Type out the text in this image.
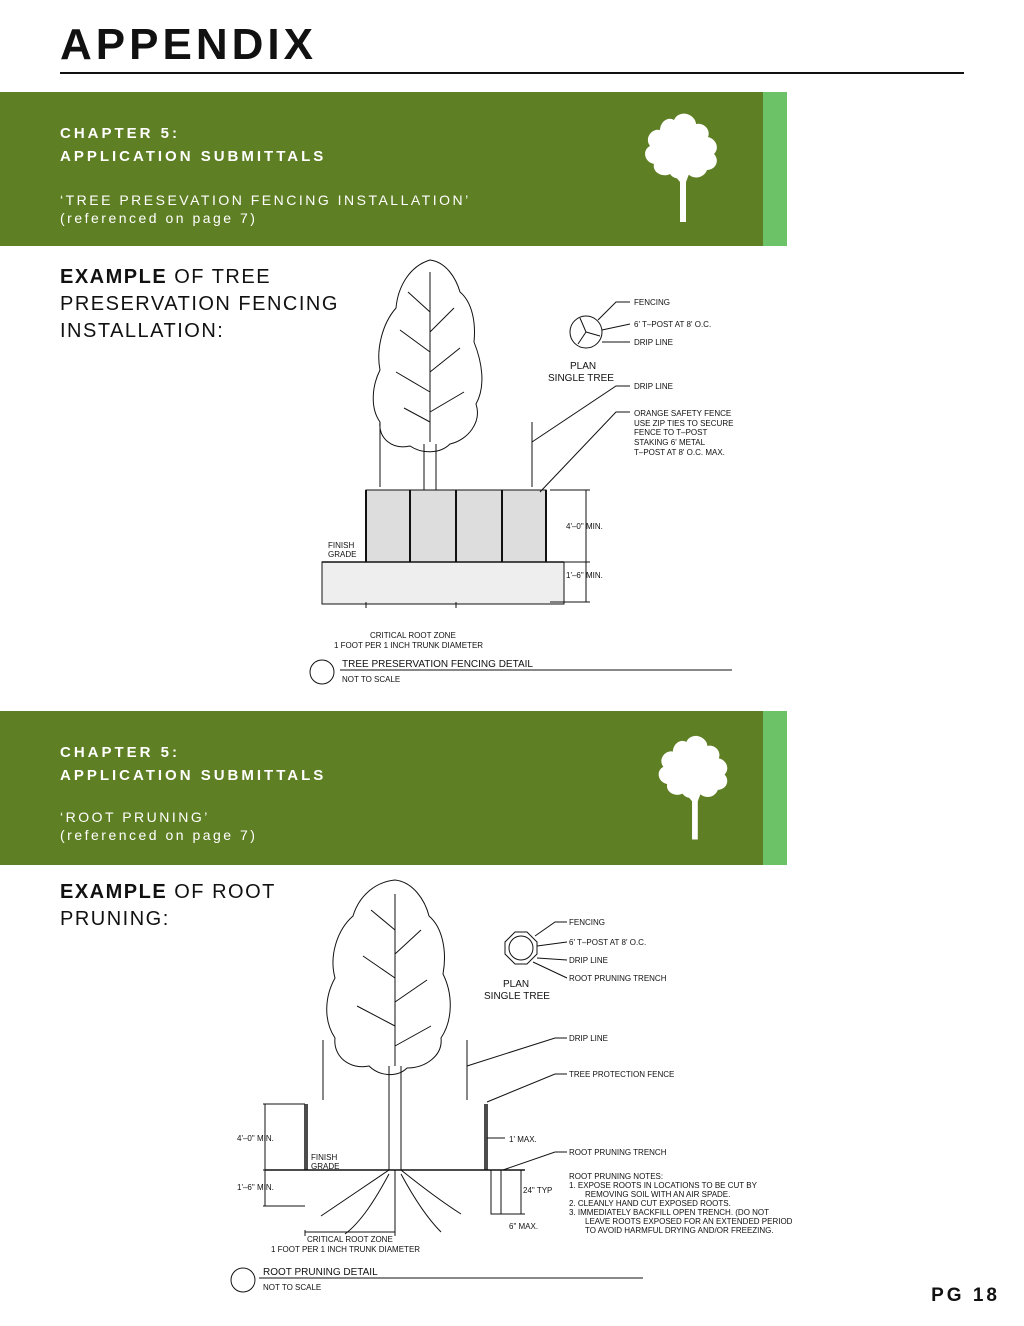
APPENDIX
CHAPTER 5:
APPLICATION SUBMITTALS
‘TREE PRESEVATION FENCING INSTALLATION’
(referenced on page 7)
EXAMPLE OF TREE
PRESERVATION FENCING
INSTALLATION:
FENCING
6' T–POST AT 8' O.C.
DRIP LINE
PLAN
SINGLE TREE
DRIP LINE
ORANGE SAFETY FENCE
USE ZIP TIES TO SECURE
FENCE TO T–POST
STAKING 6' METAL
T–POST AT 8' O.C. MAX.
4'–0" MIN.
1'–6" MIN.
FINISH
GRADE
CRITICAL ROOT ZONE
1 FOOT PER 1 INCH TRUNK DIAMETER
TREE PRESERVATION FENCING DETAIL
NOT TO SCALE
CHAPTER 5:
APPLICATION SUBMITTALS
‘ROOT PRUNING’
(referenced on page 7)
EXAMPLE OF ROOT
PRUNING:	FENCING
6' T–POST AT 8' O.C.
DRIP LINE
ROOT PRUNING TRENCH
PLAN
SINGLE TREE
DRIP LINE
TREE PROTECTION FENCE
ROOT PRUNING TRENCH
4'–0" MIN.
1'–6" MIN.
1' MAX.
24" TYP
6" MAX.
FINISH
GRADE
CRITICAL ROOT ZONE
1 FOOT PER 1 INCH TRUNK DIAMETER
ROOT PRUNING NOTES:
1. EXPOSE ROOTS IN LOCATIONS TO BE CUT BY
REMOVING SOIL WITH AN AIR SPADE.
2. CLEANLY HAND CUT EXPOSED ROOTS.
3. IMMEDIATELY BACKFILL OPEN TRENCH. (DO NOT
LEAVE ROOTS EXPOSED FOR AN EXTENDED PERIOD
TO AVOID HARMFUL DRYING AND/OR FREEZING.
ROOT PRUNING DETAIL
NOT TO SCALE	PG 18
